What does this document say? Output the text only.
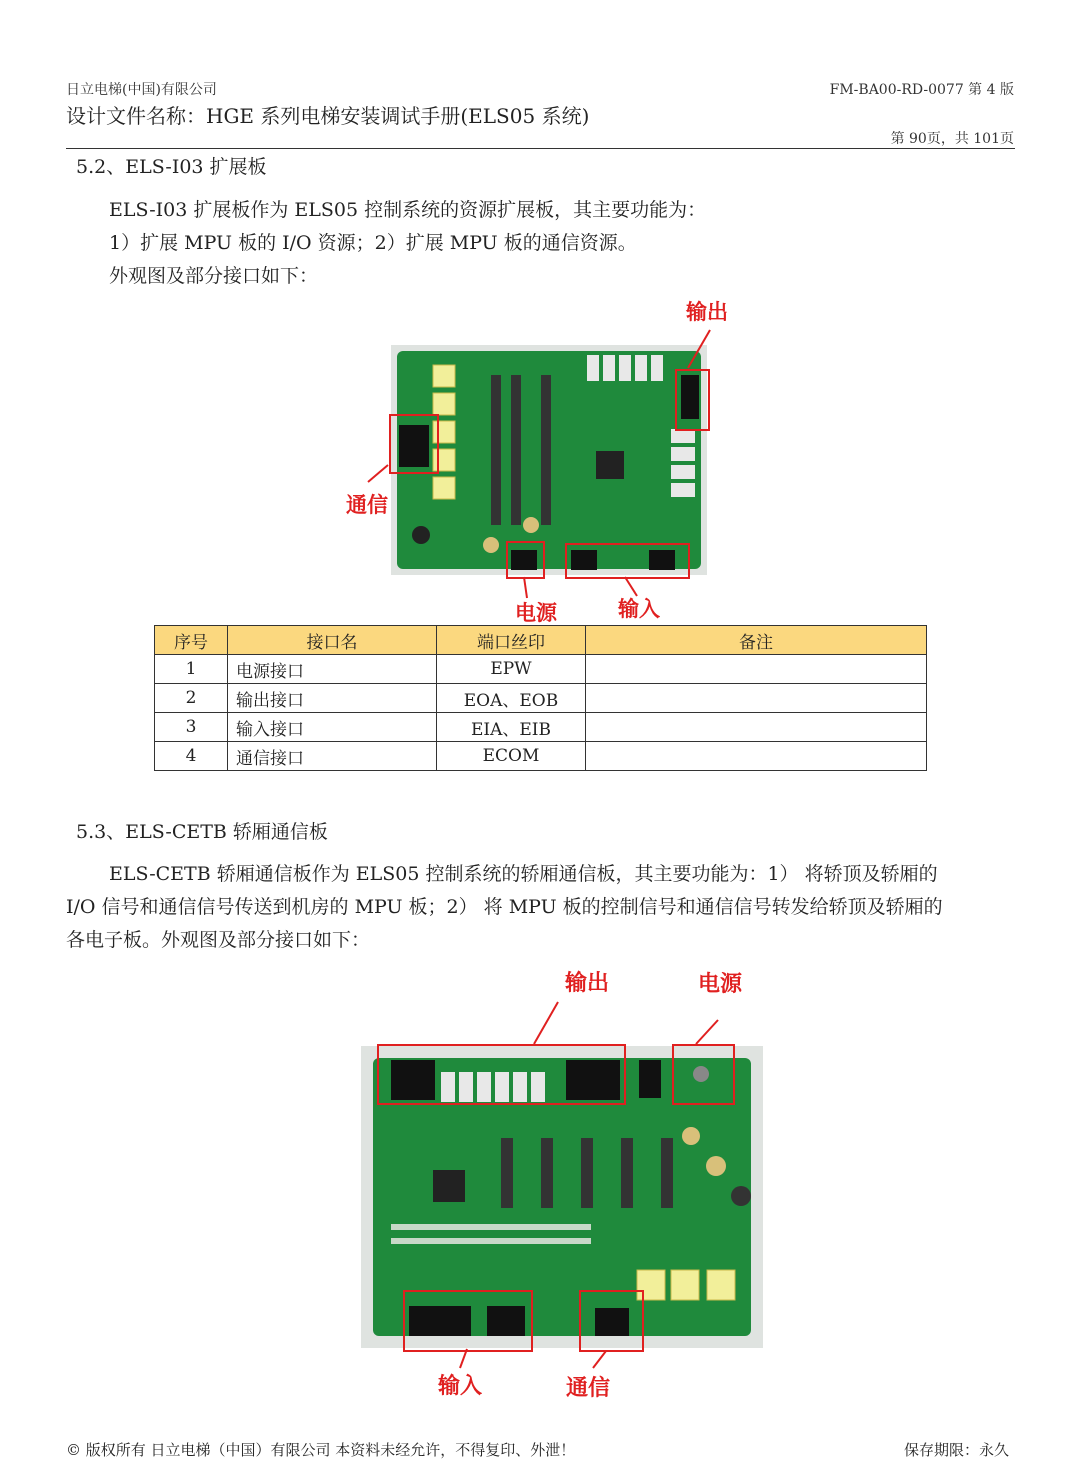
日立电梯(中国)有限公司	FM-BA00-RD-0077 第 4 版
设计文件名称：HGE 系列电梯安装调试手册(ELS05 系统)
第 90页，共 101页
5.2、ELS-I03 扩展板
ELS-I03 扩展板作为 ELS05 控制系统的资源扩展板，其主要功能为：
1）扩展 MPU 板的 I/O 资源；2）扩展 MPU 板的通信资源。
外观图及部分接口如下：
输出
通信
电源	输入
序号	接口名	端口丝印	备注
1	电源接口	EPW	
2	输出接口	EOA、EOB	
3	输入接口	EIA、EIB	
4	通信接口	ECOM	
5.3、ELS-CETB 轿厢通信板
ELS-CETB 轿厢通信板作为 ELS05 控制系统的轿厢通信板，其主要功能为：1） 将轿顶及轿厢的
I/O 信号和通信信号传送到机房的 MPU 板；2） 将 MPU 板的控制信号和通信信号转发给轿顶及轿厢的
各电子板。外观图及部分接口如下：
输出	电源
输入	通信
© 版权所有 日立电梯（中国）有限公司 本资料未经允许，不得复印、外泄！	保存期限：永久
